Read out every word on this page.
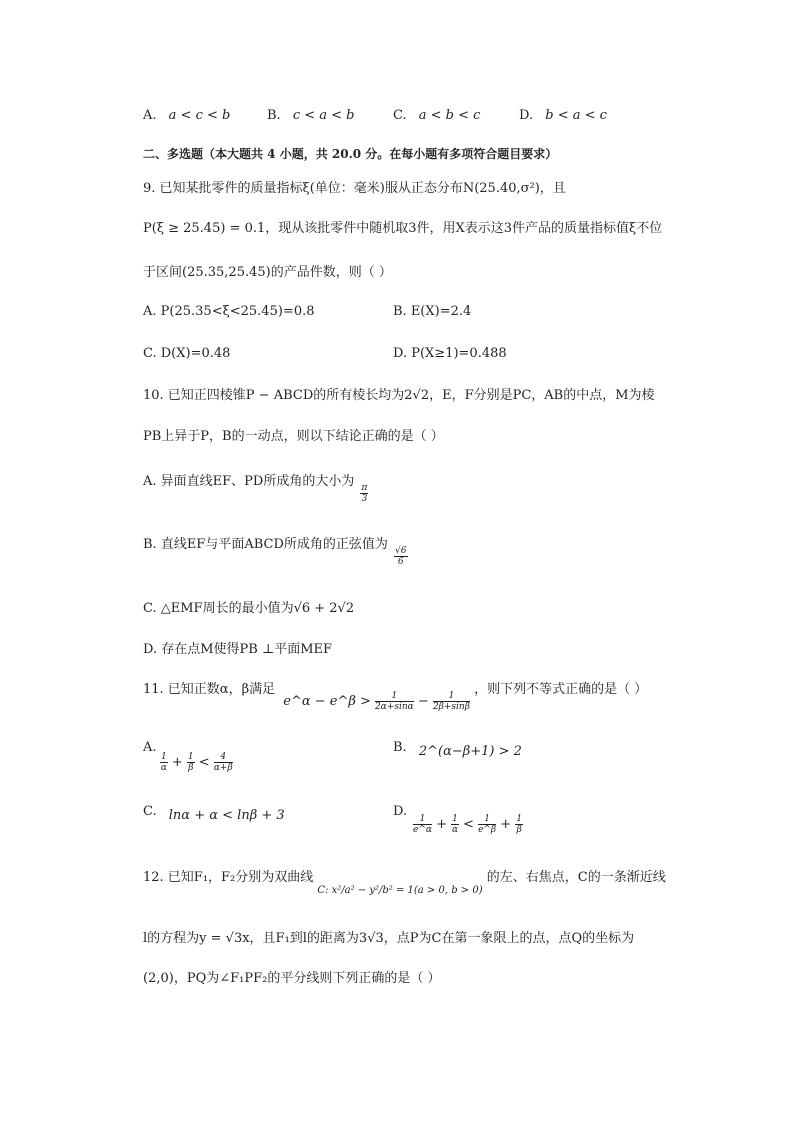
A. a < c < b	B. c < a < b	C. a < b < c	D. b < a < c
二、多选题（本大题共 4 小题，共 20.0 分。在每小题有多项符合题目要求）
9. 已知某批零件的质量指标ξ(单位：毫米)服从正态分布N(25.40,σ²)，且
P(ξ ≥ 25.45) = 0.1，现从该批零件中随机取3件，用X表示这3件产品的质量指标值ξ不位
于区间(25.35,25.45)的产品件数，则（ ）
A. P(25.35<ξ<25.45)=0.8	B. E(X)=2.4
C. D(X)=0.48	D. P(X≥1)=0.488
10. 已知正四棱锥P − ABCD的所有棱长均为2√2，E，F分别是PC，AB的中点，M为棱
PB上异于P，B的一动点，则以下结论正确的是（ ）
A. 异面直线EF、PD所成角的大小为
$\frac{\pi}{3}$
B. 直线EF与平面ABCD所成角的正弦值为
$\frac{√6}{6}$
C. △EMF周长的最小值为√6 + 2√2
D. 存在点M使得PB ⊥平面MEF
11. 已知正数α，β满足 e^α − e^β > $\frac{1}{2\alpha+\sin\alpha} - \frac{1}{2\beta+\sin\beta}$
，则下列不等式正确的是（ ）
A.
$\frac{1}{\alpha} + \frac{1}{\beta} < \frac{4}{\alpha+\beta}$
B. 2^(α−β+1) > 2
C. lnα + α < lnβ + 3	D.
$\frac{1}{e\^{}\alpha} + \frac{1}{\alpha} < \frac{1}{e\^{}\beta} + \frac{1}{\beta}$
12. 已知F₁，F₂分别为双曲线 $_{C: x^2/a^2 - y^2/b^2 = 1(a > 0, b > 0)}$ 的左、右焦点，C的一条渐近线
l的方程为y = √3x，且F₁到l的距离为3√3，点P为C在第一象限上的点，点Q的坐标为
(2,0)，PQ为∠F₁PF₂的平分线则下列正确的是（ ）
